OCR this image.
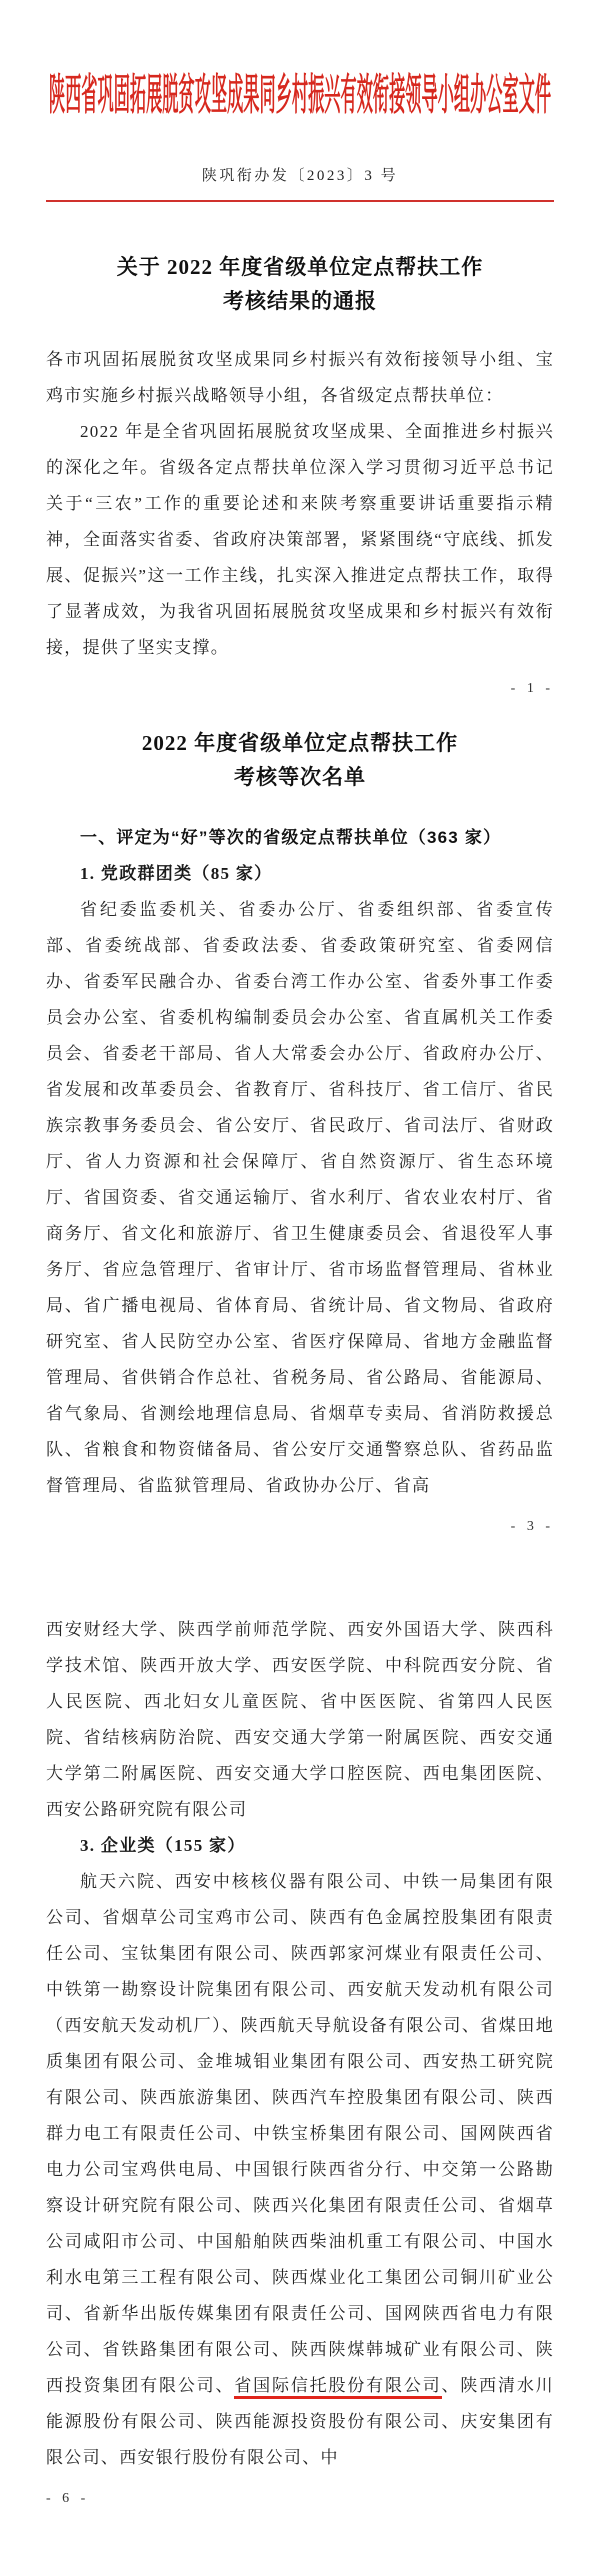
陕西省巩固拓展脱贫攻坚成果同乡村振兴有效衔接领导小组办公室文件
陕巩衔办发〔2023〕3 号
关于 2022 年度省级单位定点帮扶工作
考核结果的通报

各市巩固拓展脱贫攻坚成果同乡村振兴有效衔接领导小组、宝鸡市实施乡村振兴战略领导小组，各省级定点帮扶单位：

2022 年是全省巩固拓展脱贫攻坚成果、全面推进乡村振兴的深化之年。省级各定点帮扶单位深入学习贯彻习近平总书记关于“三农”工作的重要论述和来陕考察重要讲话重要指示精神，全面落实省委、省政府决策部署，紧紧围绕“守底线、抓发展、促振兴”这一工作主线，扎实深入推进定点帮扶工作，取得了显著成效，为我省巩固拓展脱贫攻坚成果和乡村振兴有效衔接，提供了坚实支撑。

- 1 -
2022 年度省级单位定点帮扶工作
考核等次名单
一、评定为“好”等次的省级定点帮扶单位（363 家）
1. 党政群团类（85 家）

省纪委监委机关、省委办公厅、省委组织部、省委宣传部、省委统战部、省委政法委、省委政策研究室、省委网信办、省委军民融合办、省委台湾工作办公室、省委外事工作委员会办公室、省委机构编制委员会办公室、省直属机关工作委员会、省委老干部局、省人大常委会办公厅、省政府办公厅、省发展和改革委员会、省教育厅、省科技厅、省工信厅、省民族宗教事务委员会、省公安厅、省民政厅、省司法厅、省财政厅、省人力资源和社会保障厅、省自然资源厅、省生态环境厅、省国资委、省交通运输厅、省水利厅、省农业农村厅、省商务厅、省文化和旅游厅、省卫生健康委员会、省退役军人事务厅、省应急管理厅、省审计厅、省市场监督管理局、省林业局、省广播电视局、省体育局、省统计局、省文物局、省政府研究室、省人民防空办公室、省医疗保障局、省地方金融监督管理局、省供销合作总社、省税务局、省公路局、省能源局、省气象局、省测绘地理信息局、省烟草专卖局、省消防救援总队、省粮食和物资储备局、省公安厅交通警察总队、省药品监督管理局、省监狱管理局、省政协办公厅、省高

- 3 -

西安财经大学、陕西学前师范学院、西安外国语大学、陕西科学技术馆、陕西开放大学、西安医学院、中科院西安分院、省人民医院、西北妇女儿童医院、省中医医院、省第四人民医院、省结核病防治院、西安交通大学第一附属医院、西安交通大学第二附属医院、西安交通大学口腔医院、西电集团医院、西安公路研究院有限公司

3. 企业类（155 家）

航天六院、西安中核核仪器有限公司、中铁一局集团有限公司、省烟草公司宝鸡市公司、陕西有色金属控股集团有限责任公司、宝钛集团有限公司、陕西郭家河煤业有限责任公司、中铁第一勘察设计院集团有限公司、西安航天发动机有限公司（西安航天发动机厂）、陕西航天导航设备有限公司、省煤田地质集团有限公司、金堆城钼业集团有限公司、西安热工研究院有限公司、陕西旅游集团、陕西汽车控股集团有限公司、陕西群力电工有限责任公司、中铁宝桥集团有限公司、国网陕西省电力公司宝鸡供电局、中国银行陕西省分行、中交第一公路勘察设计研究院有限公司、陕西兴化集团有限责任公司、省烟草公司咸阳市公司、中国船舶陕西柴油机重工有限公司、中国水利水电第三工程有限公司、陕西煤业化工集团公司铜川矿业公司、省新华出版传媒集团有限责任公司、国网陕西省电力有限公司、省铁路集团有限公司、陕西陕煤韩城矿业有限公司、陕西投资集团有限公司、省国际信托股份有限公司、陕西清水川能源股份有限公司、陕西能源投资股份有限公司、庆安集团有限公司、西安银行股份有限公司、中

- 6 -
